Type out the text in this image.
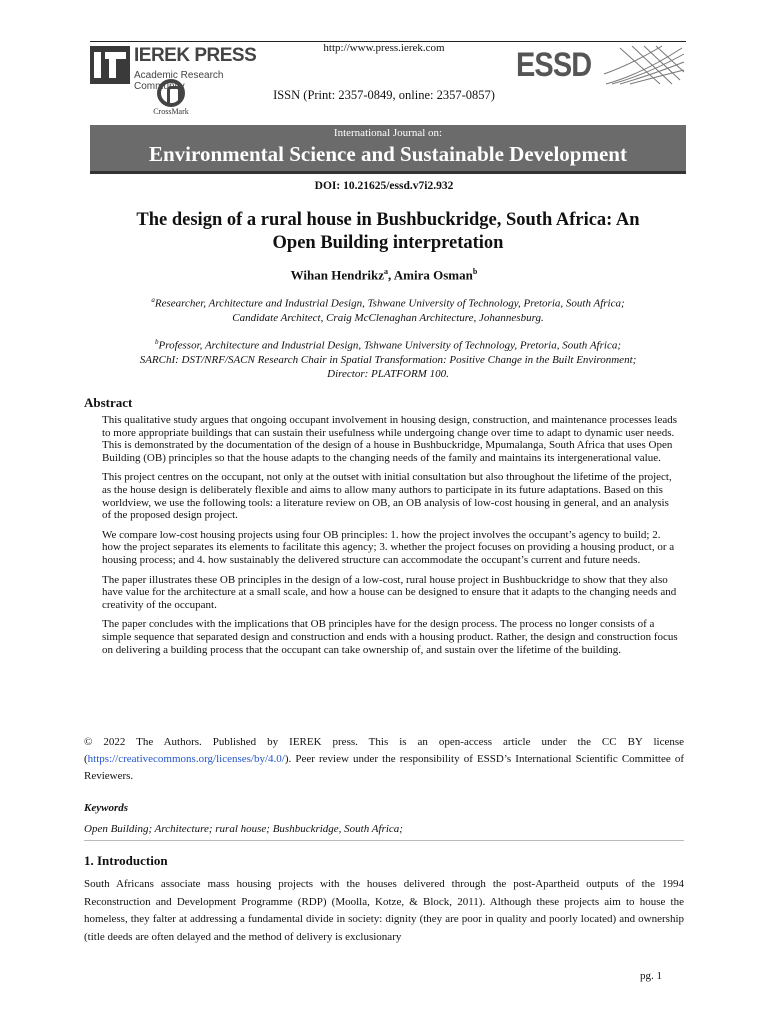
http://www.press.ierek.com
IEREK PRESS
Academic Research Community
CrossMark
ISSN (Print: 2357-0849, online: 2357-0857)
ESSD
International Journal on:
Environmental Science and Sustainable Development
DOI: 10.21625/essd.v7i2.932
The design of a rural house in Bushbuckridge, South Africa: An
Open Building interpretation
Wihan Hendrikz$^a$, Amira Osman$^b$
$^a$Researcher, Architecture and Industrial Design, Tshwane University of Technology, Pretoria, South Africa;
Candidate Architect, Craig McClenaghan Architecture, Johannesburg.
$^b$Professor, Architecture and Industrial Design, Tshwane University of Technology, Pretoria, South Africa;
SARChI: DST/NRF/SACN Research Chair in Spatial Transformation: Positive Change in the Built Environment;
Director: PLATFORM 100.
Abstract

This qualitative study argues that ongoing occupant involvement in housing design, construction, and maintenance processes leads to more appropriate buildings that can sustain their usefulness while undergoing change over time to adapt to dynamic user needs. This is demonstrated by the documentation of the design of a house in Bushbuckridge, Mpumalanga, South Africa that uses Open Building (OB) principles so that the house adapts to the changing needs of the family and maintains its intergenerational value.

This project centres on the occupant, not only at the outset with initial consultation but also throughout the lifetime of the project, as the house design is deliberately flexible and aims to allow many authors to participate in its future adaptations. Based on this worldview, we use the following tools: a literature review on OB, an OB analysis of low-cost housing in general, and an analysis of the proposed design project.

We compare low-cost housing projects using four OB principles: 1. how the project involves the occupant’s agency to build; 2. how the project separates its elements to facilitate this agency; 3. whether the project focuses on providing a housing product, or a housing process; and 4. how sustainably the delivered structure can accommodate the occupant’s current and future needs.

The paper illustrates these OB principles in the design of a low-cost, rural house project in Bushbuckridge to show that they also have value for the architecture at a small scale, and how a house can be designed to ensure that it adapts to the changing needs and creativity of the occupant.

The paper concludes with the implications that OB principles have for the design process. The process no longer consists of a simple sequence that separated design and construction and ends with a housing product. Rather, the design and construction focus on delivering a building process that the occupant can take ownership of, and sustain over the lifetime of the building.

© 2022 The Authors. Published by IEREK press. This is an open-access article under the CC BY license (https://creativecommons.org/licenses/by/4.0/). Peer review under the responsibility of ESSD’s International Scientific Committee of Reviewers.
Keywords
Open Building; Architecture; rural house; Bushbuckridge, South Africa;
1. Introduction
South Africans associate mass housing projects with the houses delivered through the post-Apartheid outputs of the 1994 Reconstruction and Development Programme (RDP) (Moolla, Kotze, & Block, 2011). Although these projects aim to house the homeless, they falter at addressing a fundamental divide in society: dignity (they are poor in quality and poorly located) and ownership (title deeds are often delayed and the method of delivery is exclusionary
pg. 1
